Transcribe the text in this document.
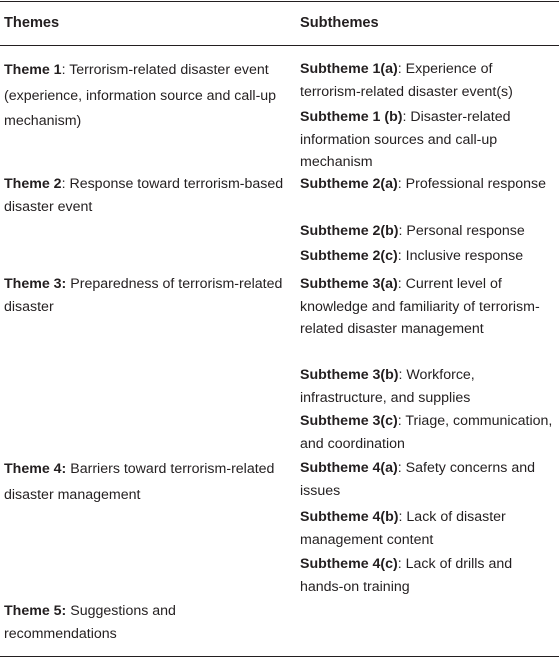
Themes	Subthemes
Theme 1: Terrorism-related disaster event (experience, information source and call-up mechanism)
Subtheme 1(a): Experience of terrorism-related disaster event(s)
Subtheme 1 (b): Disaster-related information sources and call-up mechanism
Theme 2: Response toward terrorism-based disaster event
Subtheme 2(a): Professional response
Subtheme 2(b): Personal response
Subtheme 2(c): Inclusive response
Theme 3: Preparedness of terrorism-related disaster
Subtheme 3(a): Current level of knowledge and familiarity of terrorism-related disaster management
Subtheme 3(b): Workforce, infrastructure, and supplies
Subtheme 3(c): Triage, communication, and coordination
Theme 4: Barriers toward terrorism-related disaster management
Subtheme 4(a): Safety concerns and issues
Subtheme 4(b): Lack of disaster management content
Subtheme 4(c): Lack of drills and hands-on training
Theme 5: Suggestions and recommendations
